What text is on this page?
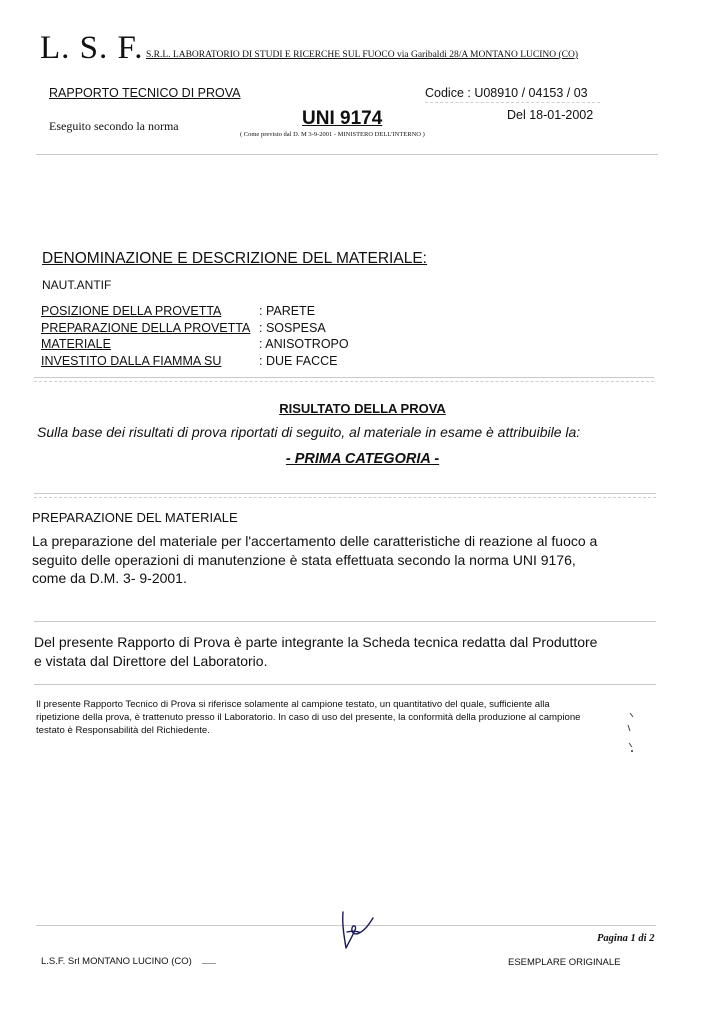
L. S. F. S.R.L. LABORATORIO DI STUDI E RICERCHE SUL FUOCO via Garibaldi 28/A MONTANO LUCINO (CO)
RAPPORTO TECNICO DI PROVA	Codice : U08910 / 04153 / 03
Eseguito secondo la norma	UNI 9174	Del 18-01-2002
( Come previsto dal D. M 3-9-2001 - MINISTERO DELL'INTERNO )
DENOMINAZIONE E DESCRIZIONE DEL MATERIALE:
NAUT.ANTIF
POSIZIONE DELLA PROVETTA	: PARETE
PREPARAZIONE DELLA PROVETTA : SOSPESA
MATERIALE	: ANISOTROPO
INVESTITO DALLA FIAMMA SU	: DUE FACCE
RISULTATO DELLA PROVA
Sulla base dei risultati di prova riportati di seguito, al materiale in esame è attribuibile la:
- PRIMA CATEGORIA -
PREPARAZIONE DEL MATERIALE
La preparazione del materiale per l'accertamento delle caratteristiche di reazione al fuoco a seguito delle operazioni di manutenzione è stata effettuata secondo la norma UNI 9176, come da D.M. 3- 9-2001.
Del presente Rapporto di Prova è parte integrante la Scheda tecnica redatta dal Produttore e vistata dal Direttore del Laboratorio.
Il presente Rapporto Tecnico di Prova si riferisce solamente al campione testato, un quantitativo del quale, sufficiente alla ripetizione della prova, è trattenuto presso il Laboratorio. In caso di uso del presente, la conformità della produzione al campione testato è Responsabilità del Richiedente.
Pagina 1 di 2
L.S.F. Srl MONTANO LUCINO (CO)	ESEMPLARE ORIGINALE
